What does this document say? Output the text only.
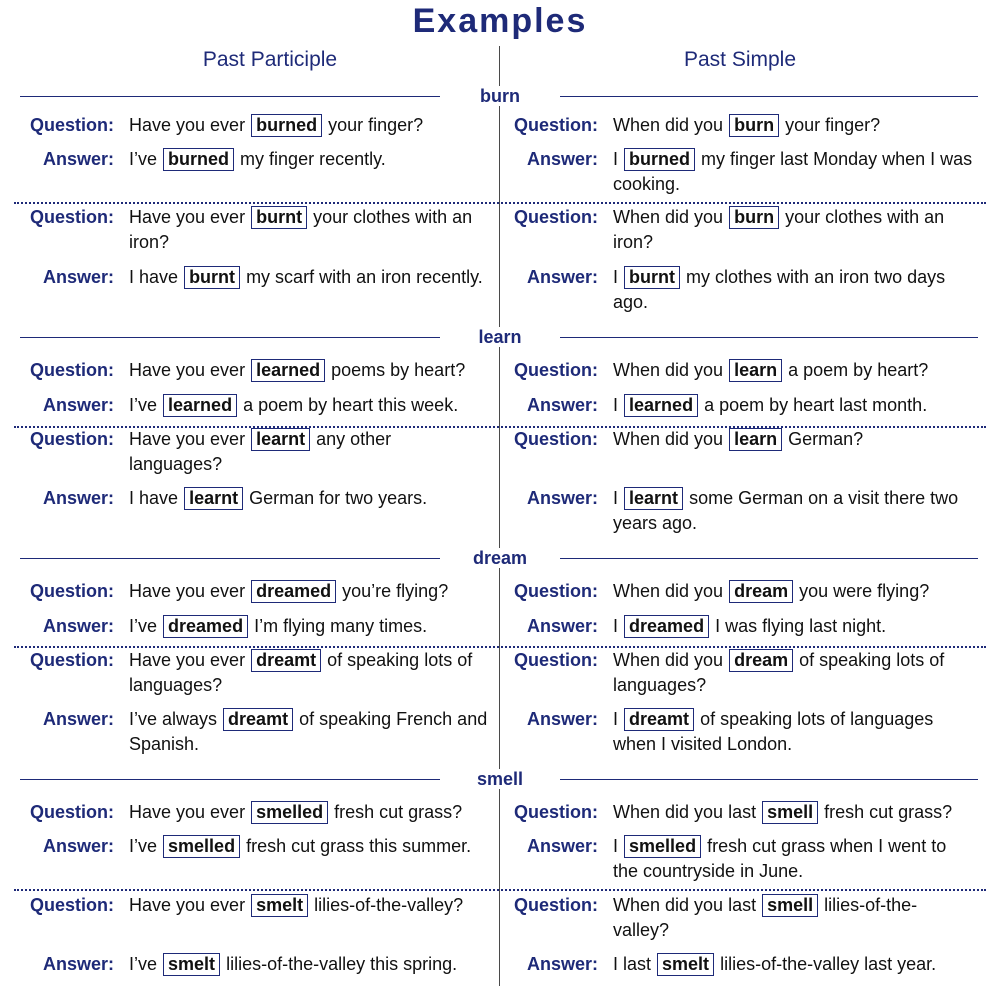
Examples
Past Participle	Past Simple
burn
Question: Have you ever burned your finger?
Answer: I’ve burned my finger recently.
Question: When did you burn your finger?
Answer: I burned my finger last Monday when I was cooking.
Question: Have you ever burnt your clothes with an iron?
Answer: I have burnt my scarf with an iron recently.
Question: When did you burn your clothes with an iron?
Answer: I burnt my clothes with an iron two days ago.
learn
Question: Have you ever learned poems by heart?
Answer: I’ve learned a poem by heart this week.
Question: When did you learn a poem by heart?
Answer: I learned a poem by heart last month.
Question: Have you ever learnt any other languages?
Answer: I have learnt German for two years.
Question: When did you learn German?
Answer: I learnt some German on a visit there two years ago.
dream
Question: Have you ever dreamed you’re flying?
Answer: I’ve dreamed I’m flying many times.
Question: When did you dream you were flying?
Answer: I dreamed I was flying last night.
Question: Have you ever dreamt of speaking lots of languages?
Answer: I’ve always dreamt of speaking French and Spanish.
Question: When did you dream of speaking lots of languages?
Answer: I dreamt of speaking lots of languages when I visited London.
smell
Question: Have you ever smelled fresh cut grass?
Answer: I’ve smelled fresh cut grass this summer.
Question: When did you last smell fresh cut grass?
Answer: I smelled fresh cut grass when I went to the countryside in June.
Question: Have you ever smelt lilies-of-the-valley?
Answer: I’ve smelt lilies-of-the-valley this spring.
Question: When did you last smell lilies-of-the-valley?
Answer: I last smelt lilies-of-the-valley last year.
